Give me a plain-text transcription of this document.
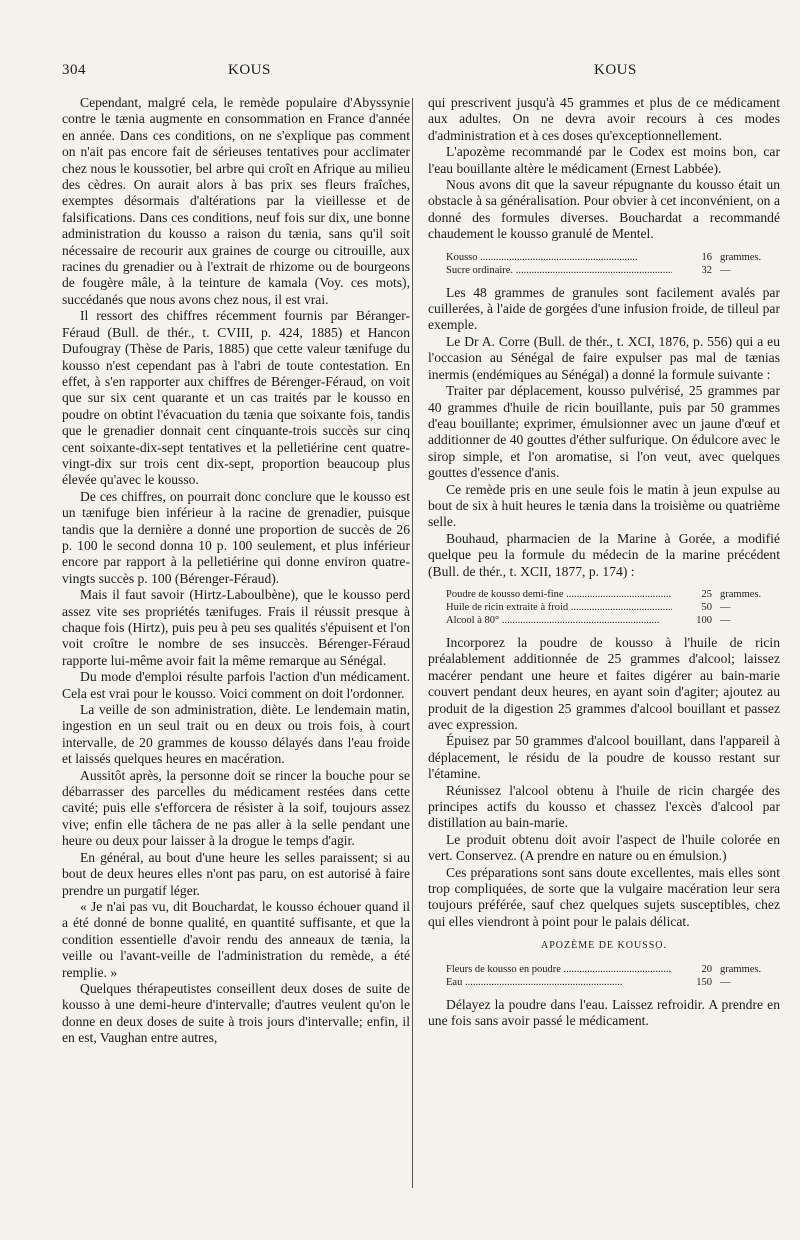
304	KOUS	KOUS

Cependant, malgré cela, le remède populaire d'Abyssynie contre le tænia augmente en consommation en France d'année en année. Dans ces conditions, on ne s'explique pas comment on n'ait pas encore fait de sérieuses tentatives pour acclimater chez nous le koussotier, bel arbre qui croît en Afrique au milieu des cèdres. On aurait alors à bas prix ses fleurs fraîches, exemptes désormais d'altérations par la vieillesse et de falsifications. Dans ces conditions, neuf fois sur dix, une bonne administration du kousso a raison du tænia, sans qu'il soit nécessaire de recourir aux graines de courge ou citrouille, aux racines du grenadier ou à l'extrait de rhizome ou de bourgeons de fougère mâle, à la teinture de kamala (Voy. ces mots), succédanés que nous avons chez nous, il est vrai.

Il ressort des chiffres récemment fournis par Béranger-Féraud (Bull. de thér., t. CVIII, p. 424, 1885) et Hancon Dufougray (Thèse de Paris, 1885) que cette valeur tænifuge du kousso n'est cependant pas à l'abri de toute contestation. En effet, à s'en rapporter aux chiffres de Bérenger-Féraud, on voit que sur six cent quarante et un cas traités par le kousso en poudre on obtint l'évacuation du tænia que soixante fois, tandis que le grenadier donnait cent cinquante-trois succès sur cinq cent soixante-dix-sept tentatives et la pelletiérine cent quatre-vingt-dix sur trois cent dix-sept, proportion beaucoup plus élevée qu'avec le kousso.

De ces chiffres, on pourrait donc conclure que le kousso est un tænifuge bien inférieur à la racine de grenadier, puisque tandis que la dernière a donné une proportion de succès de 26 p. 100 le second donna 10 p. 100 seulement, et plus inférieur encore par rapport à la pelletiérine qui donne environ quatre-vingts succès p. 100 (Bérenger-Féraud).

Mais il faut savoir (Hirtz-Laboulbène), que le kousso perd assez vite ses propriétés tænifuges. Frais il réussit presque à chaque fois (Hirtz), puis peu à peu ses qualités s'épuisent et l'on voit croître le nombre de ses insuccès. Bérenger-Féraud rapporte lui-même avoir fait la même remarque au Sénégal.

Du mode d'emploi résulte parfois l'action d'un médicament. Cela est vrai pour le kousso. Voici comment on doit l'ordonner.

La veille de son administration, diète. Le lendemain matin, ingestion en un seul trait ou en deux ou trois fois, à court intervalle, de 20 grammes de kousso délayés dans l'eau froide et laissés quelques heures en macération.

Aussitôt après, la personne doit se rincer la bouche pour se débarrasser des parcelles du médicament restées dans cette cavité; puis elle s'efforcera de résister à la soif, toujours assez vive; enfin elle tâchera de ne pas aller à la selle pendant une heure ou deux pour laisser à la drogue le temps d'agir.

En général, au bout d'une heure les selles paraissent; si au bout de deux heures elles n'ont pas paru, on est autorisé à faire prendre un purgatif léger.

« Je n'ai pas vu, dit Bouchardat, le kousso échouer quand il a été donné de bonne qualité, en quantité suffisante, et que la condition essentielle d'avoir rendu des anneaux de tænia, la veille ou l'avant-veille de l'administration du remède, a été remplie. »

Quelques thérapeutistes conseillent deux doses de suite de kousso à une demi-heure d'intervalle; d'autres veulent qu'on le donne en deux doses de suite à trois jours d'intervalle; enfin, il en est, Vaughan entre autres,

qui prescrivent jusqu'à 45 grammes et plus de ce médicament aux adultes. On ne devra avoir recours à ces modes d'administration et à ces doses qu'exceptionnellement.

L'apozème recommandé par le Codex est moins bon, car l'eau bouillante altère le médicament (Ernest Labbée).

Nous avons dit que la saveur répugnante du kousso était un obstacle à sa généralisation. Pour obvier à cet inconvénient, on a donné des formules diverses. Bouchardat a recommandé chaudement le kousso granulé de Mentel.

Kousso .....	16 grammes.
Sucre ordinaire. .....	32 —

Les 48 grammes de granules sont facilement avalés par cuillerées, à l'aide de gorgées d'une infusion froide, de tilleul par exemple.

Le Dr A. Corre (Bull. de thér., t. XCI, 1876, p. 556) qui a eu l'occasion au Sénégal de faire expulser pas mal de tænias inermis (endémiques au Sénégal) a donné la formule suivante :

Traiter par déplacement, kousso pulvérisé, 25 grammes par 40 grammes d'huile de ricin bouillante, puis par 50 grammes d'eau bouillante; exprimer, émulsionner avec un jaune d'œuf et additionner de 40 gouttes d'éther sulfurique. On édulcore avec le sirop simple, et l'on aromatise, si l'on veut, avec quelques gouttes d'essence d'anis.

Ce remède pris en une seule fois le matin à jeun expulse au bout de six à huit heures le tænia dans la troisième ou quatrième selle.

Bouhaud, pharmacien de la Marine à Gorée, a modifié quelque peu la formule du médecin de la marine précédent (Bull. de thér., t. XCII, 1877, p. 174) :

Poudre de kousso demi-fine .....	25 grammes.
Huile de ricin extraite à froid .....	50 —
Alcool à 80° .....	100 —

Incorporez la poudre de kousso à l'huile de ricin préalablement additionnée de 25 grammes d'alcool; laissez macérer pendant une heure et faites digérer au bain-marie couvert pendant deux heures, en ayant soin d'agiter; ajoutez au produit de la digestion 25 grammes d'alcool bouillant et passez avec expression.

Épuisez par 50 grammes d'alcool bouillant, dans l'appareil à déplacement, le résidu de la poudre de kousso restant sur l'étamine.

Réunissez l'alcool obtenu à l'huile de ricin chargée des principes actifs du kousso et chassez l'excès d'alcool par distillation au bain-marie.

Le produit obtenu doit avoir l'aspect de l'huile colorée en vert. Conservez. (A prendre en nature ou en émulsion.)

Ces préparations sont sans doute excellentes, mais elles sont trop compliquées, de sorte que la vulgaire macération leur sera toujours préférée, sauf chez quelques sujets susceptibles, chez qui elles viendront à point pour le palais délicat.

APOZÈME DE KOUSSO.
Fleurs de kousso en poudre .....	20 grammes.
Eau .....	150 —

Délayez la poudre dans l'eau. Laissez refroidir. A prendre en une fois sans avoir passé le médicament.
